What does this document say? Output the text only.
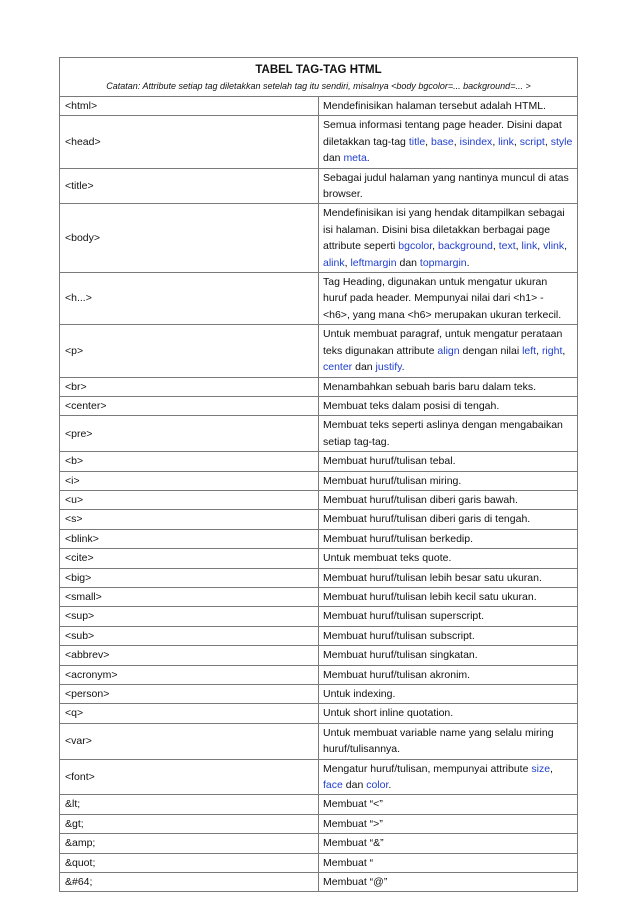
TABEL TAG-TAG HTML
Catatan: Attribute setiap tag diletakkan setelah tag itu sendiri, misalnya <body bgcolor=... background=... >	

<html>	Mendefinisikan halaman tersebut adalah HTML.
<head>	Semua informasi tentang page header. Disini dapat diletakkan tag-tag title, base, isindex, link, script, style dan meta.
<title>	Sebagai judul halaman yang nantinya muncul di atas browser.
<body>	Mendefinisikan isi yang hendak ditampilkan sebagai isi halaman. Disini bisa diletakkan berbagai page attribute seperti bgcolor, background, text, link, vlink, alink, leftmargin dan topmargin.
<h...>	Tag Heading, digunakan untuk mengatur ukuran huruf pada header. Mempunyai nilai dari <h1> - <h6>, yang mana <h6> merupakan ukuran terkecil.
<p>	Untuk membuat paragraf, untuk mengatur perataan teks digunakan attribute align dengan nilai left, right, center dan justify.
<br>	Menambahkan sebuah baris baru dalam teks.
<center>	Membuat teks dalam posisi di tengah.
<pre>	Membuat teks seperti aslinya dengan mengabaikan setiap tag-tag.
<b>	Membuat huruf/tulisan tebal.
<i>	Membuat huruf/tulisan miring.
<u>	Membuat huruf/tulisan diberi garis bawah.
<s>	Membuat huruf/tulisan diberi garis di tengah.
<blink>	Membuat huruf/tulisan berkedip.
<cite>	Untuk membuat teks quote.
<big>	Membuat huruf/tulisan lebih besar satu ukuran.
<small>	Membuat huruf/tulisan lebih kecil satu ukuran.
<sup>	Membuat huruf/tulisan superscript.
<sub>	Membuat huruf/tulisan subscript.
<abbrev>	Membuat huruf/tulisan singkatan.
<acronym>	Membuat huruf/tulisan akronim.
<person>	Untuk indexing.
<q>	Untuk short inline quotation.
<var>	Untuk membuat variable name yang selalu miring huruf/tulisannya.
<font>	Mengatur huruf/tulisan, mempunyai attribute size, face dan color.
&lt;	Membuat “<”
&gt;	Membuat “>”
&amp;	Membuat “&”
&quot;	Membuat “
&#64;	Membuat “@”
